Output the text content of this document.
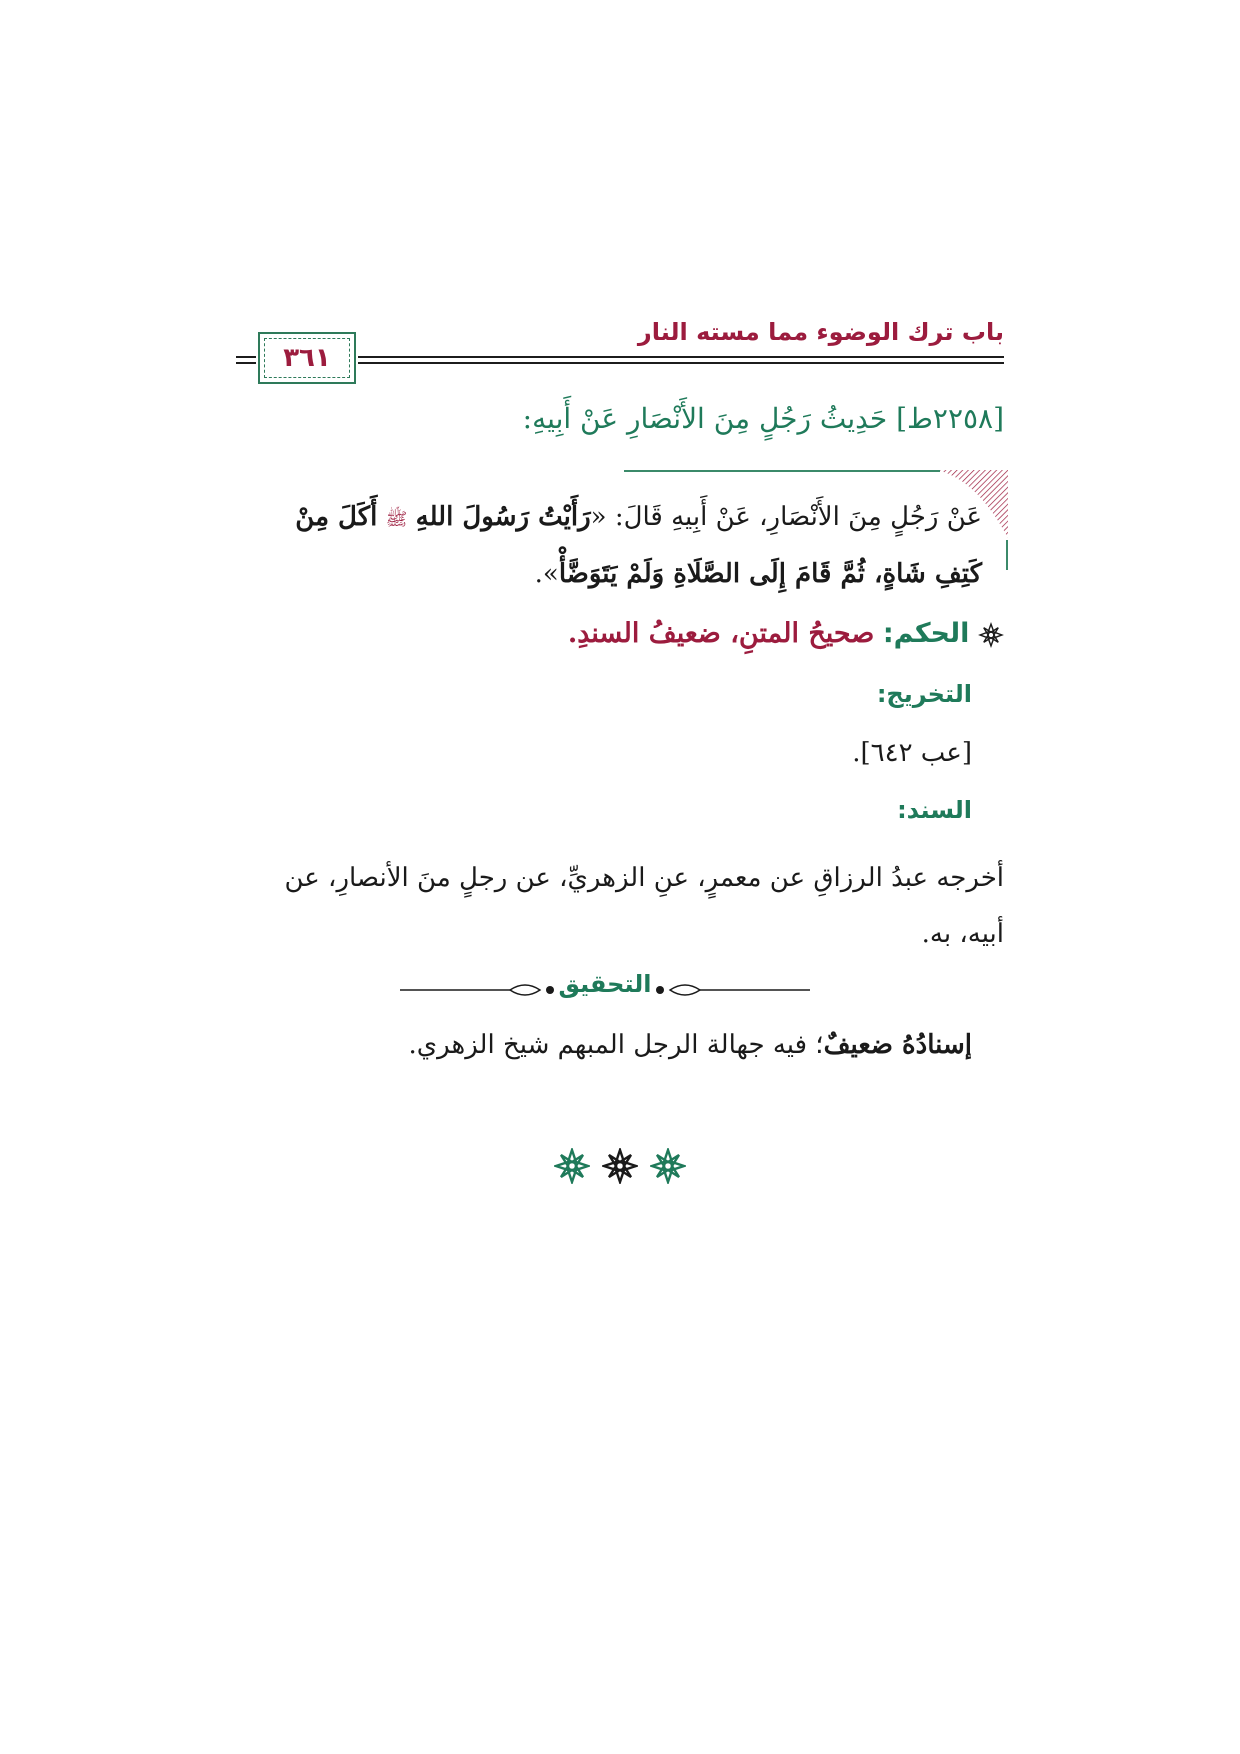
باب ترك الوضوء مما مسته النار
٣٦١
[٢٢٥٨ط] حَدِيثُ رَجُلٍ مِنَ الأَنْصَارِ عَنْ أَبِيهِ:
عَنْ رَجُلٍ مِنَ الأَنْصَارِ، عَنْ أَبِيهِ قَالَ: «رَأَيْتُ رَسُولَ اللهِ ﷺ أَكَلَ مِنْ كَتِفِ شَاةٍ، ثُمَّ قَامَ إِلَى الصَّلَاةِ وَلَمْ يَتَوَضَّأْ».
الحكم: صحيحُ المتنِ، ضعيفُ السندِ.
التخريج:
[عب ٦٤٢].
السند:
أخرجه عبدُ الرزاقِ عن معمرٍ، عنِ الزهريِّ، عن رجلٍ منَ الأنصارِ، عن أبيه، به.
التحقيق
إسنادُهُ ضعيفٌ؛ فيه جهالة الرجل المبهم شيخ الزهري.
